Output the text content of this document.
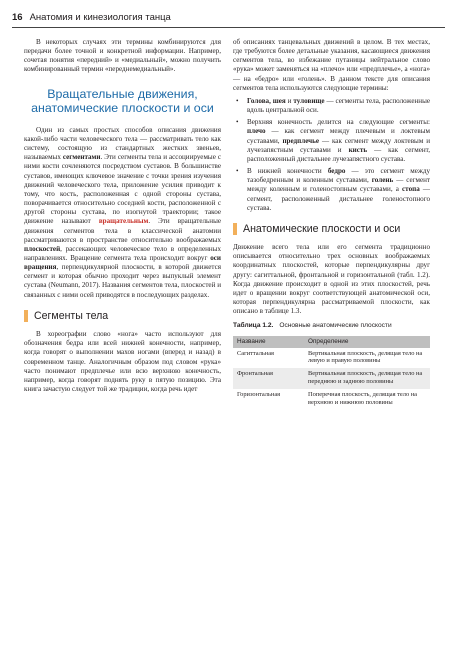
16 Анатомия и кинезиология танца

В некоторых случаях эти термины комбинируются для передачи более точной и конкретной информации. Например, сочетая понятия «передний» и «медиальный», можно получить комбинированный термин «переднемедиальный».

Вращательные движения, анатомические плоскости и оси

Один из самых простых способов описания движения какой-либо части человеческого тела — рассматривать тело как систему, состоящую из стандартных жестких звеньев, называемых сегментами. Эти сегменты тела и ассоциируемые с ними кости сочленяются посредством суставов. В большинстве суставов, имеющих ключевое значение с точки зрения изучения движений человеческого тела, приложение усилия приводит к тому, что кость, расположенная с одной стороны сустава, поворачивается относительно соседней кости, расположенной с другой стороны сустава, по изогнутой траектории; такое движение называют вращательным. Эти вращательные движения сегментов тела в классической анатомии рассматриваются в пространстве относительно воображаемых плоскостей, рассекающих человеческое тело в определенных направлениях. Вращение сегмента тела происходит вокруг оси вращения, перпендикулярной плоскости, в которой движется сегмент и которая обычно проходит через выпуклый элемент сустава (Neumann, 2017). Названия сегментов тела, плоскостей и связанных с ними осей приводятся в последующих разделах.

Сегменты тела

В хореографии слово «нога» часто используют для обозначения бедра или всей нижней конечности, например, когда говорят о выполнении махов ногами (вперед и назад) в современном танце. Аналогичным образом под словом «рука» часто понимают предплечье или всю верхнюю конечность, например, когда говорят поднять руку в пятую позицию. Эта книга зачастую следует той же традиции, когда речь идет

об описаниях танцевальных движений в целом. В тех местах, где требуются более детальные указания, касающиеся движения сегментов тела, во избежание путаницы нейтральное слово «рука» может заменяться на «плечо» или «предплечье», а «нога» — на «бедро» или «голень». В данном тексте для описания сегментов тела используются следующие термины:

• Голова, шея и туловище — сегменты тела, расположенные вдоль центральной оси.
• Верхняя конечность делится на следующие сегменты: плечо — как сегмент между плечевым и локтевым суставами, предплечье — как сегмент между локтевым и лучезапястным суставами и кисть — как сегмент, расположенный дистальнее лучезапястного сустава.
• В нижней конечности бедро — это сегмент между тазобедренным и коленным суставами, голень — сегмент между коленным и голеностопным суставами, а стопа — сегмент, расположенный дистальнее голеностопного сустава.
Анатомические плоскости и оси

Движение всего тела или его сегмента традиционно описывается относительно трех основных воображаемых координатных плоскостей, которые перпендикулярны друг другу: сагиттальной, фронтальной и горизонтальной (табл. 1.2). Когда движение происходит в одной из этих плоскостей, речь идет о вращении вокруг соответствующей анатомической оси, которая перпендикулярна рассматриваемой плоскости, как описано в таблице 1.3.

Таблица 1.2. Основные анатомические плоскости
Название	Определение
Сагиттальная	Вертикальная плоскость, делящая тело на левую и правую половины
Фронтальная	Вертикальная плоскость, делящая тело на переднюю и заднюю половины
Горизонтальная	Поперечная плоскость, делящая тело на верхнюю и нижнюю половины
